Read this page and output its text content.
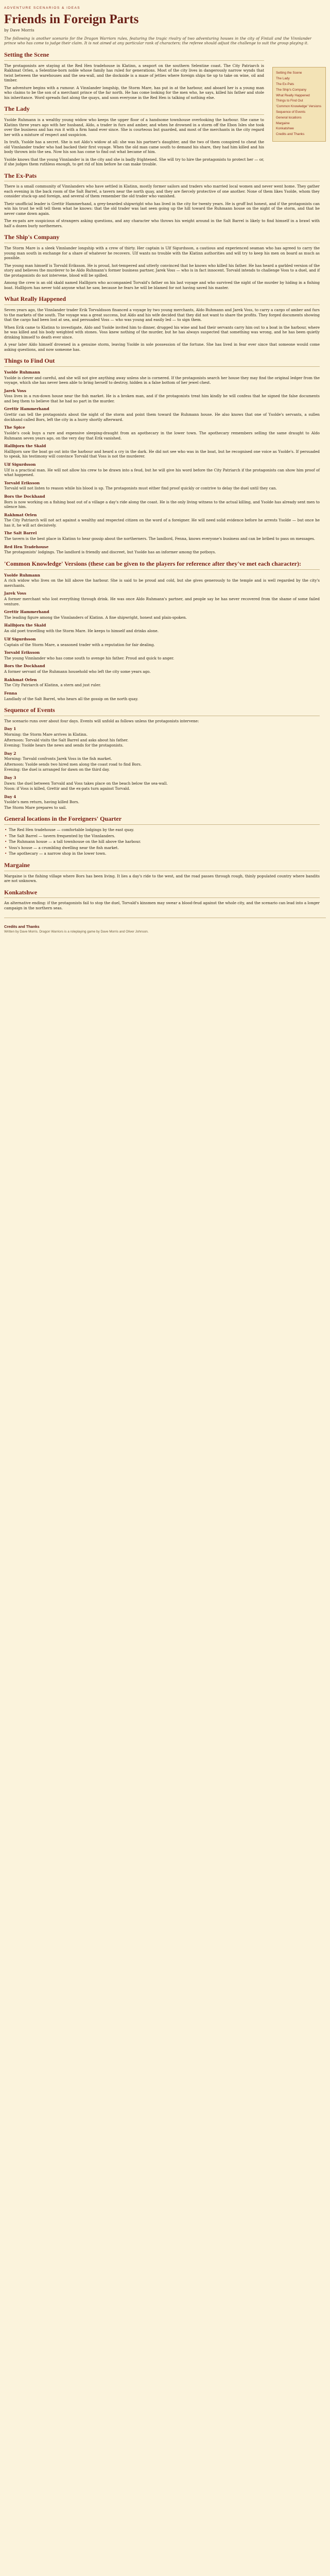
ADVENTURE SCENARIOS & IDEAS
Friends in Foreign Parts
by Dave Morris

The following is another scenario for the Dragon Warriors rules, featuring the tragic rivalry of two adventuring houses in the city of Fintail and the Vinnlander prince who has come to judge their claim. It is not aimed at any particular rank of characters; the referee should adjust the challenge to suit the group playing it.

Setting the Scene
The Lady
The Ex-Pats
The Ship's Company
What Really Happened
Things to Find Out
'Common Knowledge' Versions
Sequence of Events
General locations
Margaine
Konkatshwe
Credits and Thanks
Setting the Scene

The protagonists are staying at the Red Hen tradehouse in Klatinn, a seaport on the southern Selentine coast. The City Patriarch is Rakhmat Orlen, a Selentine-born noble whose family has ruled for generations. Most of the city lives in dangerously narrow wynds that twist between the warehouses and the sea-wall, and the dockside is a maze of jetties where foreign ships tie up to take on wine, oil and timber.

The adventure begins with a rumour. A Vinnlander longship, the Storm Mare, has put in at the harbour, and aboard her is a young man who claims to be the son of a merchant prince of the far north. He has come looking for the men who, he says, killed his father and stole his inheritance. Word spreads fast along the quays, and soon everyone in the Red Hen is talking of nothing else.

The Lady

Ysolde Ruhmann is a wealthy young widow who keeps the upper floor of a handsome townhouse overlooking the harbour. She came to Klatinn three years ago with her husband, Aldo, a trader in furs and amber, and when he drowned in a storm off the Ebon Isles she took over the business and has run it with a firm hand ever since. She is courteous but guarded, and most of the merchants in the city regard her with a mixture of respect and suspicion.

In truth, Ysolde has a secret. She is not Aldo's widow at all: she was his partner's daughter, and the two of them conspired to cheat the old Vinnlander trader who had backed their first voyage. When the old man came south to demand his share, they had him killed and his body thrown into the sea. Now his son has come to find out what became of him.

Ysolde knows that the young Vinnlander is in the city and she is badly frightened. She will try to hire the protagonists to protect her — or, if she judges them ruthless enough, to get rid of him before he can make trouble.

The Ex-Pats

There is a small community of Vinnlanders who have settled in Klatinn, mostly former sailors and traders who married local women and never went home. They gather each evening in the back room of the Salt Barrel, a tavern near the north quay, and they are fiercely protective of one another. None of them likes Ysolde, whom they consider stuck-up and foreign, and several of them remember the old trader who vanished.

Their unofficial leader is Grettir Hammerhand, a grey-bearded shipwright who has lived in the city for twenty years. He is gruff but honest, and if the protagonists can win his trust he will tell them what he knows: that the old trader was last seen going up the hill toward the Ruhmann house on the night of the storm, and that he never came down again.

The ex-pats are suspicious of strangers asking questions, and any character who throws his weight around in the Salt Barrel is likely to find himself in a brawl with half a dozen burly northerners.

The Ship's Company

The Storm Mare is a sleek Vinnlander longship with a crew of thirty. Her captain is Ulf Sigurdsson, a cautious and experienced seaman who has agreed to carry the young man south in exchange for a share of whatever he recovers. Ulf wants no trouble with the Klatinn authorities and will try to keep his men on board as much as possible.

The young man himself is Torvald Eriksson. He is proud, hot-tempered and utterly convinced that he knows who killed his father. He has heard a garbled version of the story and believes the murderer to be Aldo Ruhmann's former business partner, Jarek Voss — who is in fact innocent. Torvald intends to challenge Voss to a duel, and if the protagonists do not intervene, blood will be spilled.

Among the crew is an old skald named Hallbjorn who accompanied Torvald's father on his last voyage and who survived the night of the murder by hiding in a fishing boat. Hallbjorn has never told anyone what he saw, because he fears he will be blamed for not having saved his master.

What Really Happened

Seven years ago, the Vinnlander trader Erik Torvaldsson financed a voyage by two young merchants, Aldo Ruhmann and Jarek Voss, to carry a cargo of amber and furs to the markets of the south. The voyage was a great success, but Aldo and his wife decided that they did not want to share the profits. They forged documents showing that the cargo had been lost at sea, and persuaded Voss — who was young and easily led — to sign them.

When Erik came to Klatinn to investigate, Aldo and Ysolde invited him to dinner, drugged his wine and had their servants carry him out to a boat in the harbour, where he was killed and his body weighted with stones. Voss knew nothing of the murder, but he has always suspected that something was wrong, and he has been quietly drinking himself to death ever since.

A year later Aldo himself drowned in a genuine storm, leaving Ysolde in sole possession of the fortune. She has lived in fear ever since that someone would come asking questions, and now someone has.

Things to Find Out
Ysolde Ruhmann

Ysolde is clever and careful, and she will not give anything away unless she is cornered. If the protagonists search her house they may find the original ledger from the voyage, which she has never been able to bring herself to destroy, hidden in a false bottom of her jewel chest.

Jarek Voss

Voss lives in a run-down house near the fish market. He is a broken man, and if the protagonists treat him kindly he will confess that he signed the false documents and beg them to believe that he had no part in the murder.

Grettir Hammerhand

Grettir can tell the protagonists about the night of the storm and point them toward the Ruhmann house. He also knows that one of Ysolde's servants, a sullen dockhand called Bors, left the city in a hurry shortly afterward.

The Spice

Ysolde's cook buys a rare and expensive sleeping-draught from an apothecary in the lower town. The apothecary remembers selling the same draught to Aldo Ruhmann seven years ago, on the very day that Erik vanished.

Hallbjorn the Skald

Hallbjorn saw the boat go out into the harbour and heard a cry in the dark. He did not see who was in the boat, but he recognised one voice as Ysolde's. If persuaded to speak, his testimony will convince Torvald that Voss is not the murderer.

Ulf Sigurdsson

Ulf is a practical man. He will not allow his crew to be drawn into a feud, but he will give his word before the City Patriarch if the protagonists can show him proof of what happened.

Torvald Eriksson

Torvald will not listen to reason while his blood is up. The protagonists must either find proof quickly or contrive to delay the duel until they can.

Bors the Dockhand

Bors is now working on a fishing boat out of a village a day's ride along the coast. He is the only living witness to the actual killing, and Ysolde has already sent men to silence him.

Rakhmat Orlen

The City Patriarch will not act against a wealthy and respected citizen on the word of a foreigner. He will need solid evidence before he arrests Ysolde — but once he has it, he will act decisively.

The Salt Barrel

The tavern is the best place in Klatinn to hear gossip about the northerners. The landlord, Fenna, knows everyone's business and can be bribed to pass on messages.

Red Hen Tradehouse

The protagonists' lodgings. The landlord is friendly and discreet, but Ysolde has an informer among the potboys.

'Common Knowledge' Versions (these can be given to the players for reference after they've met each character):
Ysolde Ruhmann

A rich widow who lives on the hill above the harbour. She is said to be proud and cold, but she gives generously to the temple and is well regarded by the city's merchants.

Jarek Voss

A former merchant who lost everything through drink. He was once Aldo Ruhmann's partner, and people say he has never recovered from the shame of some failed venture.

Grettir Hammerhand

The leading figure among the Vinnlanders of Klatinn. A fine shipwright, honest and plain-spoken.

Hallbjorn the Skald

An old poet travelling with the Storm Mare. He keeps to himself and drinks alone.

Ulf Sigurdsson

Captain of the Storm Mare, a seasoned trader with a reputation for fair dealing.

Torvald Eriksson

The young Vinnlander who has come south to avenge his father. Proud and quick to anger.

Bors the Dockhand

A former servant of the Ruhmann household who left the city some years ago.

Rakhmat Orlen

The City Patriarch of Klatinn, a stern and just ruler.

Fenna

Landlady of the Salt Barrel, who hears all the gossip on the north quay.

Sequence of Events

The scenario runs over about four days. Events will unfold as follows unless the protagonists intervene:

Day 1
Morning: the Storm Mare arrives in Klatinn.
Afternoon: Torvald visits the Salt Barrel and asks about his father.
Evening: Ysolde hears the news and sends for the protagonists.
Day 2
Morning: Torvald confronts Jarek Voss in the fish market.
Afternoon: Ysolde sends two hired men along the coast road to find Bors.
Evening: the duel is arranged for dawn on the third day.
Day 3
Dawn: the duel between Torvald and Voss takes place on the beach below the sea-wall.
Noon: if Voss is killed, Grettir and the ex-pats turn against Torvald.
Day 4
Ysolde's men return, having killed Bors.
The Storm Mare prepares to sail.
General locations in the Foreigners' Quarter
• The Red Hen tradehouse — comfortable lodgings by the east quay.
• The Salt Barrel — tavern frequented by the Vinnlanders.
• The Ruhmann house — a tall townhouse on the hill above the harbour.
• Voss's house — a crumbling dwelling near the fish market.
• The apothecary — a narrow shop in the lower town.
Margaine

Margaine is the fishing village where Bors has been living. It lies a day's ride to the west, and the road passes through rough, thinly populated country where bandits are not unknown.

Konkatshwe

An alternative ending: if the protagonists fail to stop the duel, Torvald's kinsmen may swear a blood-feud against the whole city, and the scenario can lead into a longer campaign in the northern seas.

Credits and Thanks
Written by Dave Morris. Dragon Warriors is a roleplaying game by Dave Morris and Oliver Johnson.
